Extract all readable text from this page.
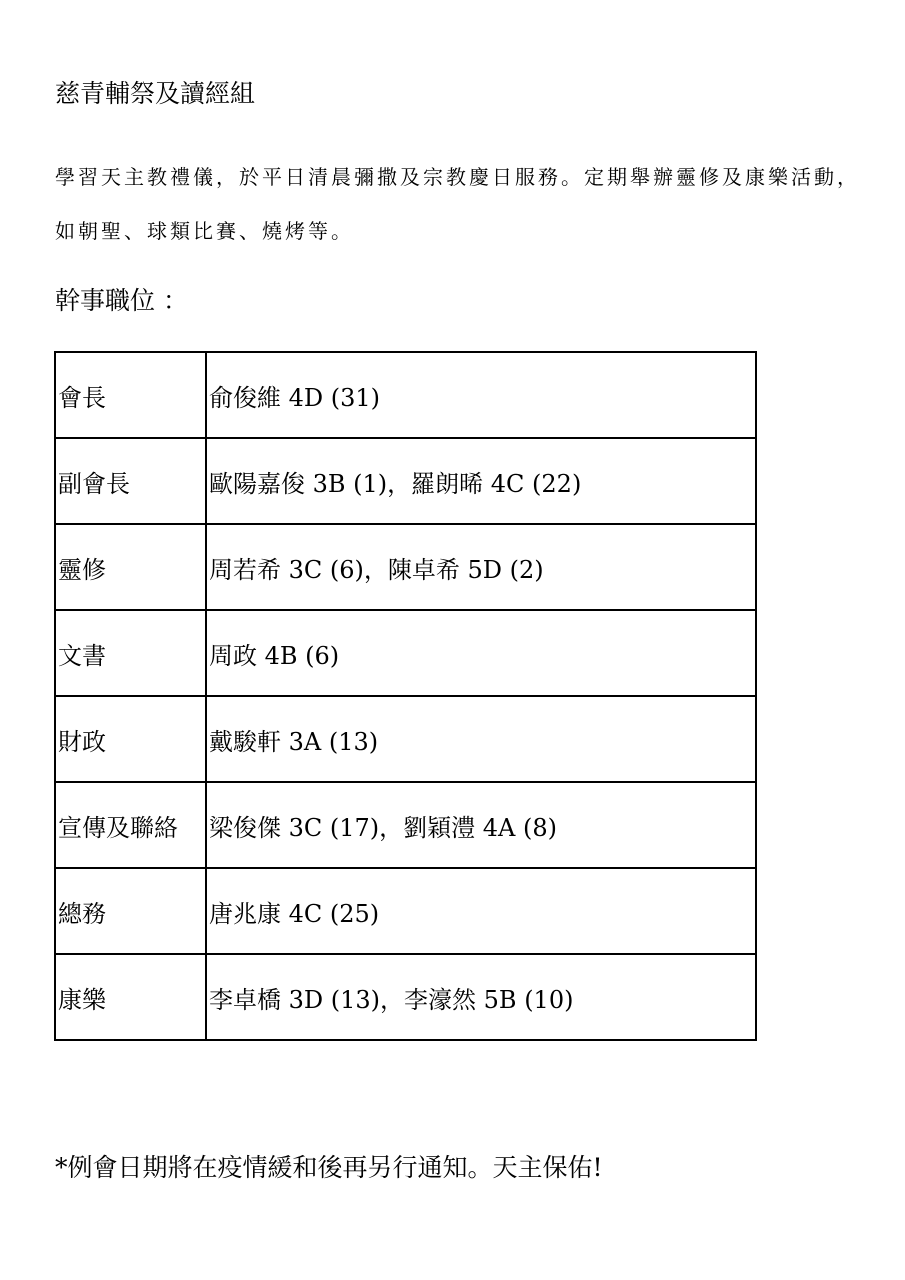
慈青輔祭及讀經組
學習天主教禮儀，於平日清晨彌撒及宗教慶日服務。定期舉辦靈修及康樂活動，如朝聖、球類比賽、燒烤等。
幹事職位 ：
會長	俞俊維 4D (31)
副會長	歐陽嘉俊 3B (1)，羅朗晞 4C (22)
靈修	周若希 3C (6)，陳卓希 5D (2)
文書	周政 4B (6)
財政	戴駿軒 3A (13)
宣傳及聯絡	梁俊傑 3C (17)，劉穎澧 4A (8)
總務	唐兆康 4C (25)
康樂	李卓橋 3D (13)，李濠然 5B (10)
*例會日期將在疫情緩和後再另行通知。天主保佑!
